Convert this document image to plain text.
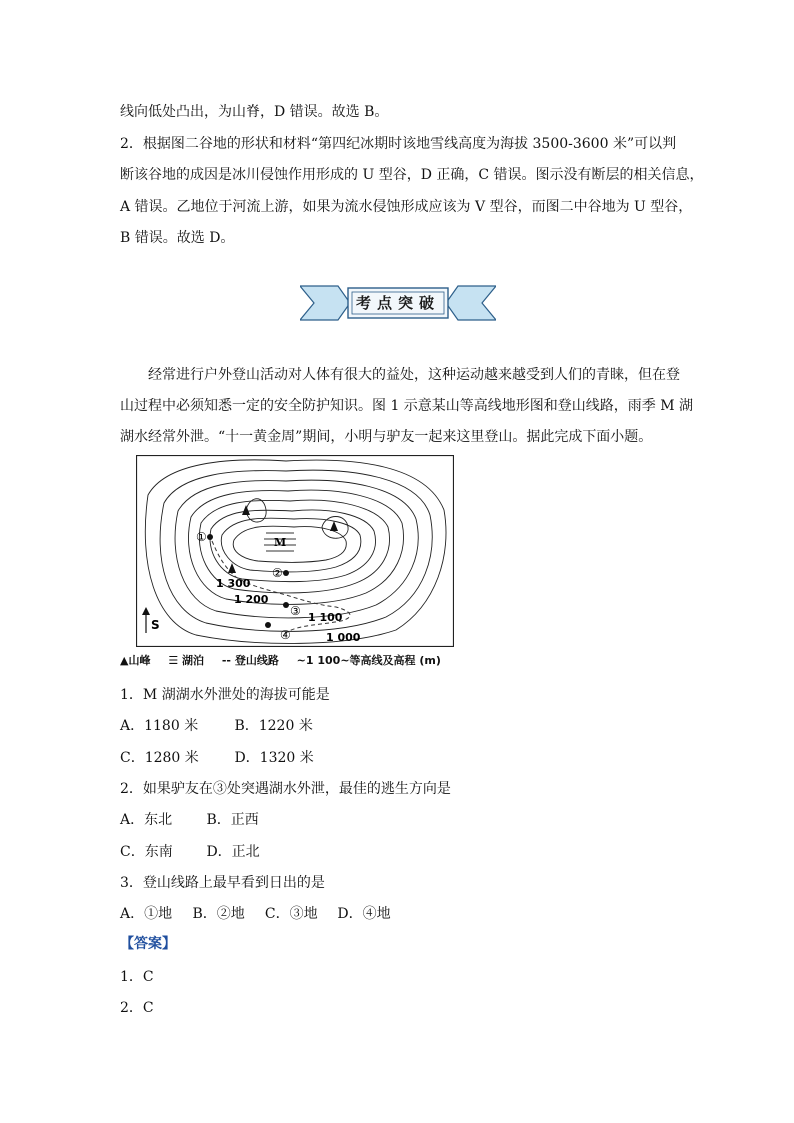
线向低处凸出，为山脊，D 错误。故选 B。
2．根据图二谷地的形状和材料“第四纪冰期时该地雪线高度为海拔 3500-3600 米”可以判
断该谷地的成因是冰川侵蚀作用形成的 U 型谷，D 正确，C 错误。图示没有断层的相关信息，
A 错误。乙地位于河流上游，如果为流水侵蚀形成应该为 V 型谷，而图二中谷地为 U 型谷，
B 错误。故选 D。
考点突破
经常进行户外登山活动对人体有很大的益处，这种运动越来越受到人们的青睐，但在登
山过程中必须知悉一定的安全防护知识。图 1 示意某山等高线地形图和登山线路，雨季 M 湖
湖水经常外泄。“十一黄金周”期间，小明与驴友一起来这里登山。据此完成下面小题。
M
①
②
③
④
1 300
1 200
1 100
1 000
S
▲山峰 ☰ 湖泊 -- 登山线路 ~1 100~等高线及高程 (m)
1．M 湖湖水外泄处的海拔可能是
A．1180 米	B．1220 米
C．1280 米	D．1320 米
2．如果驴友在③处突遇湖水外泄，最佳的逃生方向是
A．东北 B．正西
C．东南 D．正北
3．登山线路上最早看到日出的是
A．①地 B．②地 C．③地 D．④地
【答案】
1．C
2．C
